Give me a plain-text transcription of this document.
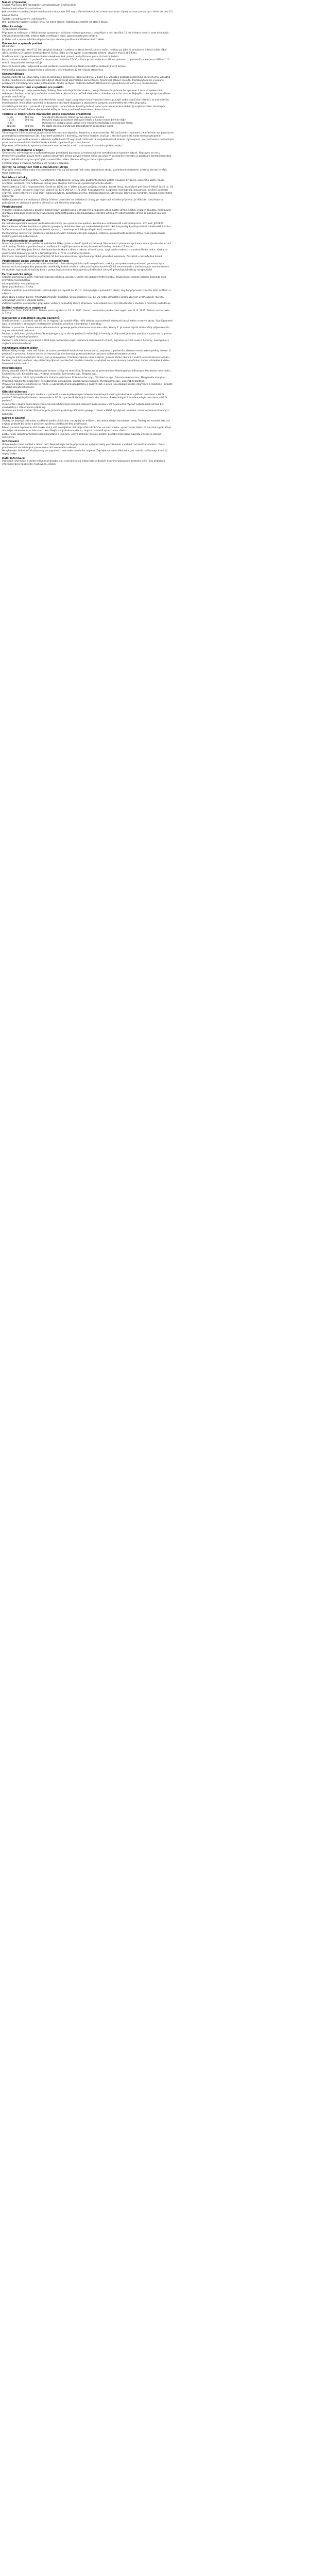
Název přípravku
Fevitol Přípravek 400 mg tablety s prodlouženým uvolňováním
Složení kvalitativní i kvantitativní
Jedna tableta s prodlouženým uvolňováním obsahuje 400 mg sulfamethoxazolum; trimethoprimum. Úplný seznam pomocných látek viz bod 6.1.
Léková forma
Tableta s prodlouženým uvolňováním.
Bílé, podlouhlé tablety s půlicí rýhou na jedné straně. Tabletu lze rozdělit na stejné dávky.
Klinické údaje
Terapeutické indikace
Přípravek je indikován k léčbě infekcí vyvolaných citlivými mikroorganismy u dospělých a dětí starších 12 let: infekce dolních cest dýchacích, infekce močových cest, infekce kůže a měkkých tkání, gastrointestinální infekce.
Je třeba vzít v úvahu oficiální doporučení pro vhodné používání antibakteriálních látek.
Dávkování a způsob podání
Dávkování
Dospělí a dospívající starší 12 let: obvyklá dávka je 1 tableta dvakrát denně, ráno a večer, nejlépe po jídle. U závažných infekcí může lékař dávku zvýšit na 2 tablety dvakrát denně. Délka léčby se řídí typem a závažností infekce, obvykle trvá 5 až 14 dní.
Starší pacienti: úprava dávkování není obvykle nutná, pokud není přítomna porucha funkce ledvin.
Porucha funkce ledvin: u pacientů s clearance kreatininu 15–30 ml/min je nutno dávku snížit na polovinu. U pacientů s clearance nižší než 15 ml/min se podávání nedoporučuje.
Porucha funkce jater: přípravek se má podávat s opatrností a je třeba pravidelně sledovat jaterní funkce.
Pediatrická populace: bezpečnost a účinnost u dětí mladších 12 let nebyla stanovena.
Kontraindikace
Hypersenzitivita na léčivé látky nebo na kteroukoli pomocnou látku uvedenou v bodě 6.1. Závažné poškození jaterního parenchymu. Závažná renální insuficience, pokud nelze pravidelně stanovovat plazmatické koncentrace. Anamnéza lékové imunitní trombocytopenie vyvolané podáváním trimethoprimu nebo sulfonamidů. Akutní porfyrie. Podávání během těhotenství v posledním trimestru a u novorozenců.
Zvláštní upozornění a opatření pro použití
U pacientů léčených přípravkem byly hlášeny život ohrožující kožní reakce, jako je Stevensův–Johnsonův syndrom a toxická epidermální nekrolýza. Pacienti mají být poučeni o známkách a příznacích a pečlivě sledováni s ohledem na kožní reakce. Nejvyšší riziko výskytu je během prvních týdnů léčby.
Pokud se objeví příznaky nebo známky těchto reakcí (např. progresivní kožní vyrážka často s puchýři nebo slizničními lézemi), je nutno léčbu ihned ukončit. Nejlepších výsledků je dosaženo při časné diagnóze a okamžitém vysazení podezřelého léčivého přípravku.
U starších pacientů a u pacientů s již existujícím nedostatkem kyseliny listové nebo s poruchou funkce ledvin je zvýšené riziko závažných nežádoucích účinků. Během dlouhodobé léčby je třeba pravidelně kontrolovat krevní obraz.
Tabulka 1: Doporučené dávkování podle clearance kreatininu
> 30	400 mg	Standardní dávkování, žádná úprava dávky není nutná
15–30	200 mg	Poloviční dávka, pravidelné sledování hladin a funkce ledvin během léčby
< 15	—	Podávání se nedoporučuje, pokud není možná hemodialýza a monitorace hladin
Dialýza	200 mg	Po každé dialýze, monitorace plazmatických koncentrací nutná
Interakce s jinými léčivými přípravky
Trimethoprim může zvyšovat plazmatické koncentrace digoxinu, fenytoinu a methotrexátu. Při současném podávání s warfarinem byl pozorován prodloužený protrombinový čas. Současné podávání s diuretiky, zejména thiazidy, zvyšuje u starších pacientů riziko trombocytopenie.
Kombinace s pyrimethaminem v dávkách vyšších než 25 mg týdně může vést k megaloblastové anémii. Cyklosporin: po současném podání byla pozorována reverzibilní zhoršení funkce ledvin u pacientů po transplantaci.
Přípravek může ovlivnit výsledky stanovení methotrexátu v séru a stanovení kreatininu Jaffého reakcí.
Fertilita, těhotenství a kojení
Těhotenství: trimethoprim a sulfamethoxazol procházejí placentou a mohou ovlivnit metabolismus kyseliny listové. Přípravek se má v těhotenství používat pouze tehdy, pokud očekávaný přínos převáží možné riziko pro plod. V posledním trimestru je podávání kontraindikováno.
Kojení: obě léčivé látky se vylučují do mateřského mléka. Během léčby je třeba kojení přerušit.
Fertilita: údaje o vlivu na fertilitu u lidí nejsou k dispozici.
Účinky na schopnost řídit a obsluhovat stroje
Přípravek nemá žádný nebo má zanedbatelný vliv na schopnost řídit nebo obsluhovat stroje. Vzhledem k možnému výskytu závratí je však třeba opatrnosti.
Nežádoucí účinky
Souhrn bezpečnostního profilu: nejčastějšími nežádoucími účinky jsou gastrointestinální potíže (nauzea, zvracení, průjem) a kožní reakce (vyrážka, svědění). Tyto nežádoucí účinky jsou obvykle mírné a po vysazení přípravku odezní.
Velmi časté (≥ 1/10): hyperkalemie. Časté (≥ 1/100 až < 1/10): nauzea, průjem, vyrážka, bolest hlavy, kandidové přerůstání. Méně časté (≥ 1/1 000 až < 1/100): zvracení, kopřivka. Vzácné (≥ 1/10 000 až < 1/1 000): hypoglykemie, aseptická meningitida, halucinace, zvýšení jaterních enzymů. Velmi vzácné (< 1/10 000): agranulocytóza, aplastická anémie, trombocytopenie, Stevensův–Johnsonův syndrom, toxická epidermální nekrolýza.
Hlášení podezření na nežádoucí účinky: hlášení podezření na nežádoucí účinky po registraci léčivého přípravku je důležité. Umožňuje to pokračovat ve sledování poměru přínosů a rizik léčivého přípravku.
Předávkování
Příznaky: nauzea, zvracení, závratě, bolest hlavy, zmatenost a v závažných případech útlum kostní dřeně. Léčba: výplach žaludku, forsírovaná diuréza a alkalizace moči zvyšují vylučování sulfamethoxazolu. Hemodialýza je středně účinná. Při útlumu kostní dřeně se podává kalcium folinát.
Farmakologické vlastnosti
Farmakoterapeutická skupina: antibakteriální látky pro systémovou aplikaci, kombinace sulfonamidů a trimethoprimu. ATC kód: J01EE01.
Mechanismus účinku: kombinace působí synergicky blokádou dvou po sobě následujících kroků biosyntézy kyseliny listové v bakteriální buňce. Sulfamethoxazol inhibuje dihydropteroát syntázu, trimethoprim inhibuje dihydrofolát reduktázu.
Mechanismus rezistence: rezistence vzniká především změnou cílových enzymů, sníženou propustností buněčné stěny nebo nadprodukcí kyseliny para-aminobenzoové.
Farmakokinetické vlastnosti
Absorpce: po perorálním podání se obě léčivé látky rychle a téměř úplně vstřebávají. Maximálních plazmatických koncentrací je dosaženo za 1 až 4 hodiny. Tableta s prodlouženým uvolňováním zajišťuje rovnoměrné plazmatické hladiny po dobu 12 hodin.
Distribuce: obě látky jsou široce distribuovány do tkání a tělních tekutin včetně sputa, vaginálního sekretu a mozkomíšního moku. Vazba na plazmatické bílkoviny je 44 % u trimethoprimu a 70 % u sulfamethoxazolu.
Eliminace: biologický poločas je přibližně 10 hodin u obou látek. Vylučování probíhá převážně ledvinami, částečně v nezměněné formě.
Předklinické údaje vztahující se k bezpečnosti
Neklinické údaje získané na základě konvenčních farmakologických studií bezpečnosti, toxicity po opakovaném podávání, genotoxicity a hodnocení kancerogenního potenciálu neodhalily žádné zvláštní riziko pro člověka kromě účinků souvisejících s antifolátovým mechanismem. Ve studiích reprodukční toxicity byla u potkanů pozorována teratogenita při dávkách výrazně převyšujících dávky terapeutické.
Farmaceutické údaje
Seznam pomocných látek: mikrokrystalická celulosa, povidon, sodná sůl karboxymethylškrobu, magnesium-stearát, koloidní bezvodý oxid křemičitý, hypromelosa.
Inkompatibility: neuplatňuje se.
Doba použitelnosti: 3 roky.
Zvláštní opatření pro uchovávání: uchovávejte při teplotě do 25 °C. Uchovávejte v původním obalu, aby byl přípravek chráněn před světlem a vlhkostí.
Druh obalu a obsah balení: PVC/PVDC/Al blistr, krabička. Velikost balení: 10, 14, 20 nebo 30 tablet s prodlouženým uvolňováním. Na trhu nemusí být všechny velikosti balení.
Zvláštní opatření pro likvidaci přípravku: veškerý nepoužitý léčivý přípravek nebo odpad musí být zlikvidován v souladu s místními požadavky.
Držitel rozhodnutí o registraci
Registrační číslo: 15/123/05-C. Datum první registrace: 12. 4. 2005. Datum posledního prodloužení registrace: 8. 9. 2015. Datum revize textu: 3. 2024.
Dávkování u zvláštních skupin pacientů
Starší pacienti: u pacientů nad 65 let se doporučuje zahájit léčbu nižší dávkou a pravidelně sledovat funkci ledvin a krevní obraz. Starší pacienti jsou náchylnější k závažným nežádoucím účinkům, zejména v kombinaci s diuretiky.
Pacienti s poruchou funkce ledvin: dávkování se upravuje podle clearance kreatininu dle tabulky 1. Je nutné zajistit dostatečný příjem tekutin, aby se zabránilo krystalurii.
Pacienti s deficitem glukóza-6-fosfátdehydrogenázy: u těchto pacientů může dojít k hemolýze. Přípravek je nutno podávat s opatrností a pouze v nezbytně nutných případech.
Pacienti s HIV infekcí: u pacientů s AIDS byla pozorována vyšší incidence nežádoucích účinků, zejména kožních reakcí, horečky, leukopenie a zvýšení aminotransferáz.
Monitorace během léčby
Během léčby trvající déle než 14 dní je nutno pravidelně kontrolovat krevní obraz, zejména u pacientů s rizikem nedostatku kyseliny listové. U pacientů s poruchou funkce ledvin se doporučuje monitorovat plazmatické koncentrace sulfamethoxazolu a kalia.
Při výskytu hematologických změn, jako je leukopenie, trombocytopenie nebo anémie, je třeba léčbu ukončit a zvážit podání kalcium folinátu.
Pacienti mají být poučeni, aby při léčbě přijímali dostatečné množství tekutin a vyhýbali se intenzivnímu slunečnímu záření vzhledem k riziku fotosenzitivních reakcí.
Mikrobiologie
Druhy obvykle citlivé: Staphylococcus aureus (citlivý na meticilin), Streptococcus pneumoniae, Haemophilus influenzae, Moraxella catarrhalis, Escherichia coli, Klebsiella spp., Proteus mirabilis, Salmonella spp., Shigella spp.
Druhy, u kterých může být problémem získaná rezistence: Enterobacter spp., Citrobacter spp., Serratia marcescens, Morganella morganii.
Přirozeně rezistentní organismy: Pseudomonas aeruginosa, Enterococcus faecalis, Mycoplasma spp., anaerobní bakterie.
Prevalence získané rezistence se může u vybraných druhů geograficky a časově lišit, a proto jsou žádoucí místní informace o rezistenci, zvláště při léčbě závažných infekcí.
Klinická účinnost
V kontrolovaných klinických studiích u pacientů s nekomplikovanými infekcemi močových cest bylo klinického vyléčení dosaženo u 88 % pacientů léčených přípravkem ve srovnání s 85 % u pacientů léčených standardní formou. Bakteriologická eradikace byla dosažena u 84 % pacientů.
U pacientů s akutní exacerbací chronické bronchitidy byla klinická odpověď pozorována u 79 % pacientů. Výskyt nežádoucích účinků byl srovnatelný s referenčními přípravky.
Studie u pacientů s infekcí Pneumocystis jirovecii prokázaly účinnost vysokých dávek v léčbě i profylaxi, zejména u imunokompromitovaných pacientů.
Návod k použití
Tablety se polykají celé nebo rozdělené podle půlicí rýhy, nezapíjejí se mlékem, ale dostatečným množstvím vody. Tablety se nesmějí drtit ani žvýkat, protože by došlo k porušení systému prodlouženého uvolňování.
Pokud pacient zapomene užít dávku, má ji užít co nejdříve. Pokud je však téměř čas na další dávku, vynechanou dávku již neužívá a pokračuje obvyklým dávkovacím schématem. Neužívejte dvojnásobnou dávku, abyste nahradili vynechanou dávku.
Léčbu nelze ukončit předčasně bez konzultace s lékařem, i když příznaky infekce odezní, protože hrozí riziko návratu infekce a rozvoje rezistence.
Uchovávání
Uchovávejte mimo dohled a dosah dětí. Nepoužívejte tento přípravek po uplynutí doby použitelnosti uvedené na krabičce a blistru. Doba použitelnosti se vztahuje k poslednímu dni uvedeného měsíce.
Nevyhazujte žádné léčivé přípravky do odpadních vod nebo domácího odpadu. Zeptejte se svého lékárníka, jak naložit s přípravky, které již nepoužíváte.
Další informace
Podrobné informace o tomto léčivém přípravku jsou uveřejněny na webových stránkách Státního ústavu pro kontrolu léčiv. Tato příbalová informace byla naposledy revidována 3/2024.
